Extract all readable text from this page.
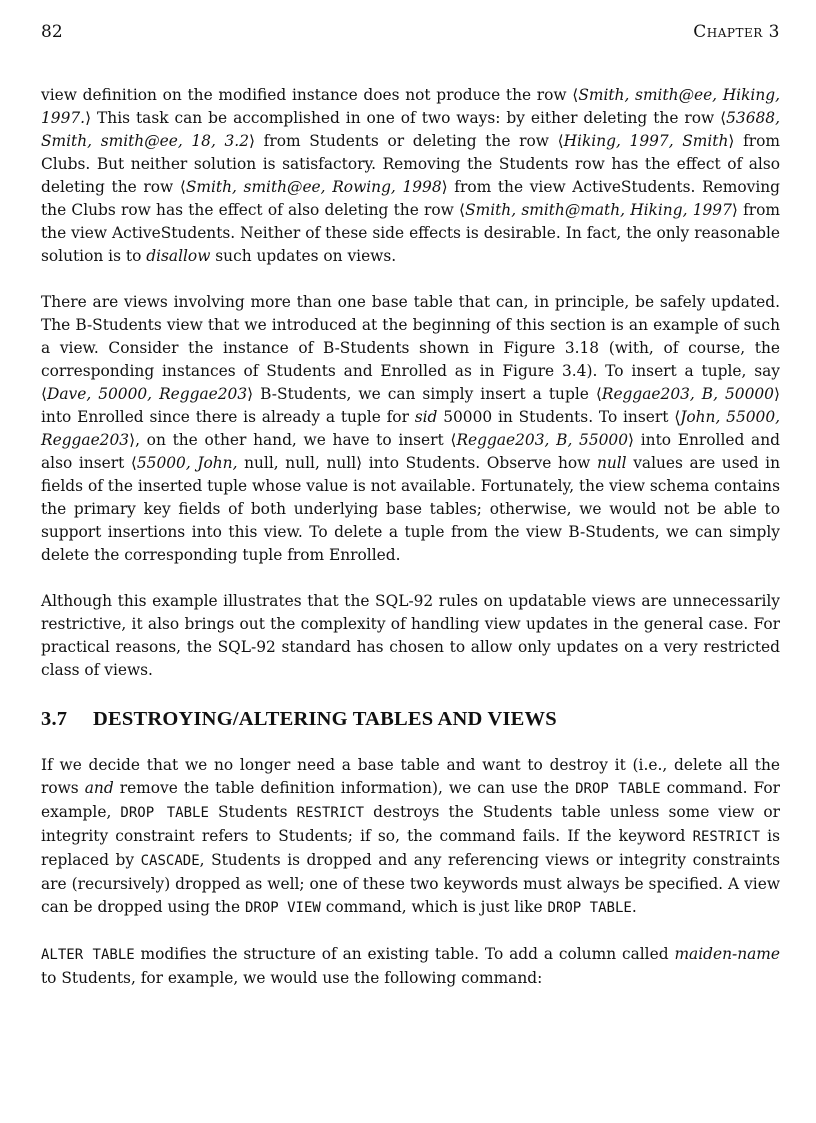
82	Chapter 3

view definition on the modified instance does not produce the row ⟨Smith, smith@ee, Hiking, 1997.⟩ This task can be accomplished in one of two ways: by either deleting the row ⟨53688, Smith, smith@ee, 18, 3.2⟩ from Students or deleting the row ⟨Hiking, 1997, Smith⟩ from Clubs. But neither solution is satisfactory. Removing the Students row has the effect of also deleting the row ⟨Smith, smith@ee, Rowing, 1998⟩ from the view ActiveStudents. Removing the Clubs row has the effect of also deleting the row ⟨Smith, smith@math, Hiking, 1997⟩ from the view ActiveStudents. Neither of these side effects is desirable. In fact, the only reasonable solution is to disallow such updates on views.

There are views involving more than one base table that can, in principle, be safely updated. The B-Students view that we introduced at the beginning of this section is an example of such a view. Consider the instance of B-Students shown in Figure 3.18 (with, of course, the corresponding instances of Students and Enrolled as in Figure 3.4). To insert a tuple, say ⟨Dave, 50000, Reggae203⟩ B-Students, we can simply insert a tuple ⟨Reggae203, B, 50000⟩ into Enrolled since there is already a tuple for sid 50000 in Students. To insert ⟨John, 55000, Reggae203⟩, on the other hand, we have to insert ⟨Reggae203, B, 55000⟩ into Enrolled and also insert ⟨55000, John, null, null, null⟩ into Students. Observe how null values are used in fields of the inserted tuple whose value is not available. Fortunately, the view schema contains the primary key fields of both underlying base tables; otherwise, we would not be able to support insertions into this view. To delete a tuple from the view B-Students, we can simply delete the corresponding tuple from Enrolled.

Although this example illustrates that the SQL-92 rules on updatable views are unnecessarily restrictive, it also brings out the complexity of handling view updates in the general case. For practical reasons, the SQL-92 standard has chosen to allow only updates on a very restricted class of views.

3.7 DESTROYING/ALTERING TABLES AND VIEWS

If we decide that we no longer need a base table and want to destroy it (i.e., delete all the rows and remove the table definition information), we can use the DROP TABLE command. For example, DROP TABLE Students RESTRICT destroys the Students table unless some view or integrity constraint refers to Students; if so, the command fails. If the keyword RESTRICT is replaced by CASCADE, Students is dropped and any referencing views or integrity constraints are (recursively) dropped as well; one of these two keywords must always be specified. A view can be dropped using the DROP VIEW command, which is just like DROP TABLE.

ALTER TABLE modifies the structure of an existing table. To add a column called maiden-name to Students, for example, we would use the following command:
